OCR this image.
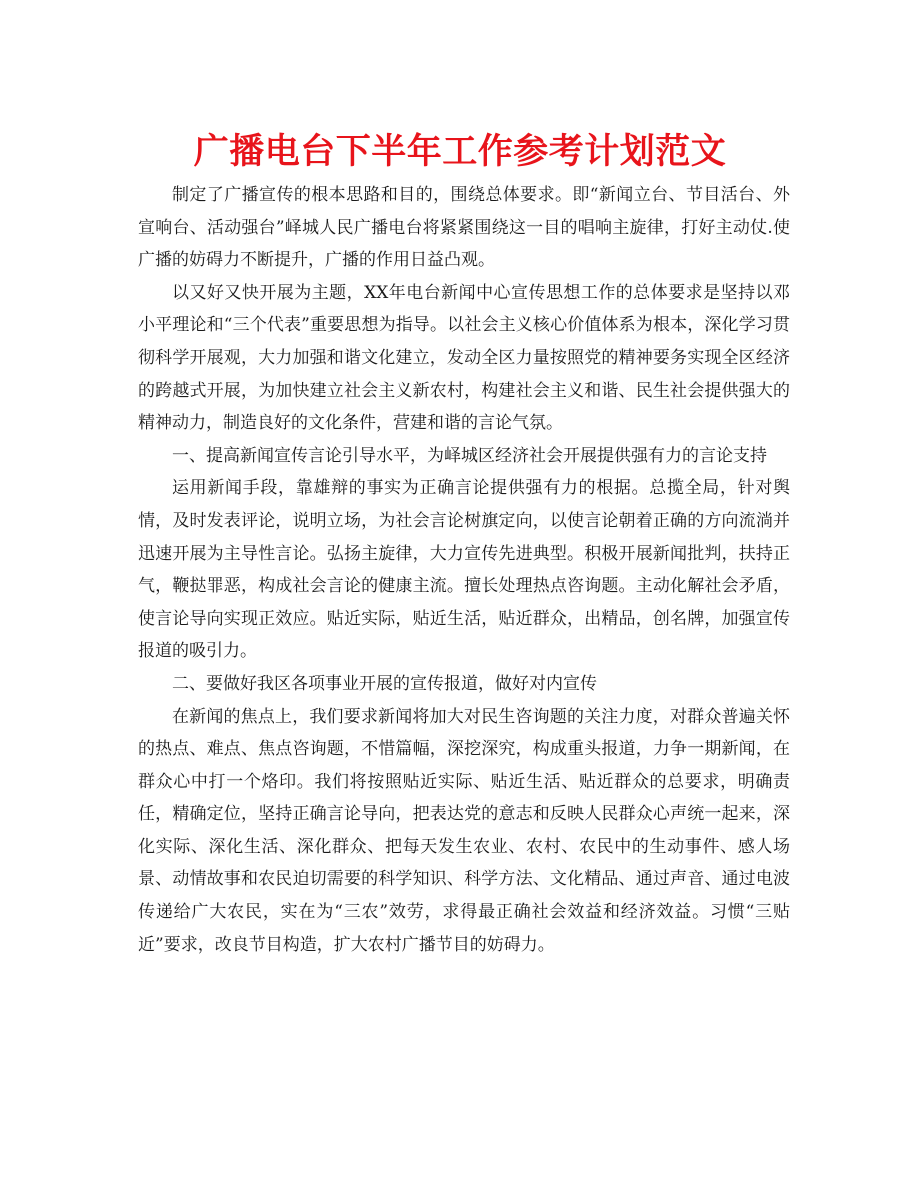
广播电台下半年工作参考计划范文

制定了广播宣传的根本思路和目的，围绕总体要求。即“新闻立台、节目活台、外宣响台、活动强台”峄城人民广播电台将紧紧围绕这一目的唱响主旋律，打好主动仗.使广播的妨碍力不断提升，广播的作用日益凸观。

以又好又快开展为主题，XX年电台新闻中心宣传思想工作的总体要求是坚持以邓小平理论和“三个代表”重要思想为指导。以社会主义核心价值体系为根本，深化学习贯彻科学开展观，大力加强和谐文化建立，发动全区力量按照党的精神要务实现全区经济的跨越式开展，为加快建立社会主义新农村，构建社会主义和谐、民生社会提供强大的精神动力，制造良好的文化条件，营建和谐的言论气氛。

一、提高新闻宣传言论引导水平，为峄城区经济社会开展提供强有力的言论支持

运用新闻手段，靠雄辩的事实为正确言论提供强有力的根据。总揽全局，针对舆情，及时发表评论，说明立场，为社会言论树旗定向，以使言论朝着正确的方向流淌并迅速开展为主导性言论。弘扬主旋律，大力宣传先进典型。积极开展新闻批判，扶持正气，鞭挞罪恶，构成社会言论的健康主流。擅长处理热点咨询题。主动化解社会矛盾，使言论导向实现正效应。贴近实际，贴近生活，贴近群众，出精品，创名牌，加强宣传报道的吸引力。

二、要做好我区各项事业开展的宣传报道，做好对内宣传

在新闻的焦点上，我们要求新闻将加大对民生咨询题的关注力度，对群众普遍关怀的热点、难点、焦点咨询题，不惜篇幅，深挖深究，构成重头报道，力争一期新闻，在群众心中打一个烙印。我们将按照贴近实际、贴近生活、贴近群众的总要求，明确责任，精确定位，坚持正确言论导向，把表达党的意志和反映人民群众心声统一起来，深化实际、深化生活、深化群众、把每天发生农业、农村、农民中的生动事件、感人场景、动情故事和农民迫切需要的科学知识、科学方法、文化精品、通过声音、通过电波传递给广大农民，实在为“三农”效劳，求得最正确社会效益和经济效益。习惯“三贴近”要求，改良节目构造，扩大农村广播节目的妨碍力。
